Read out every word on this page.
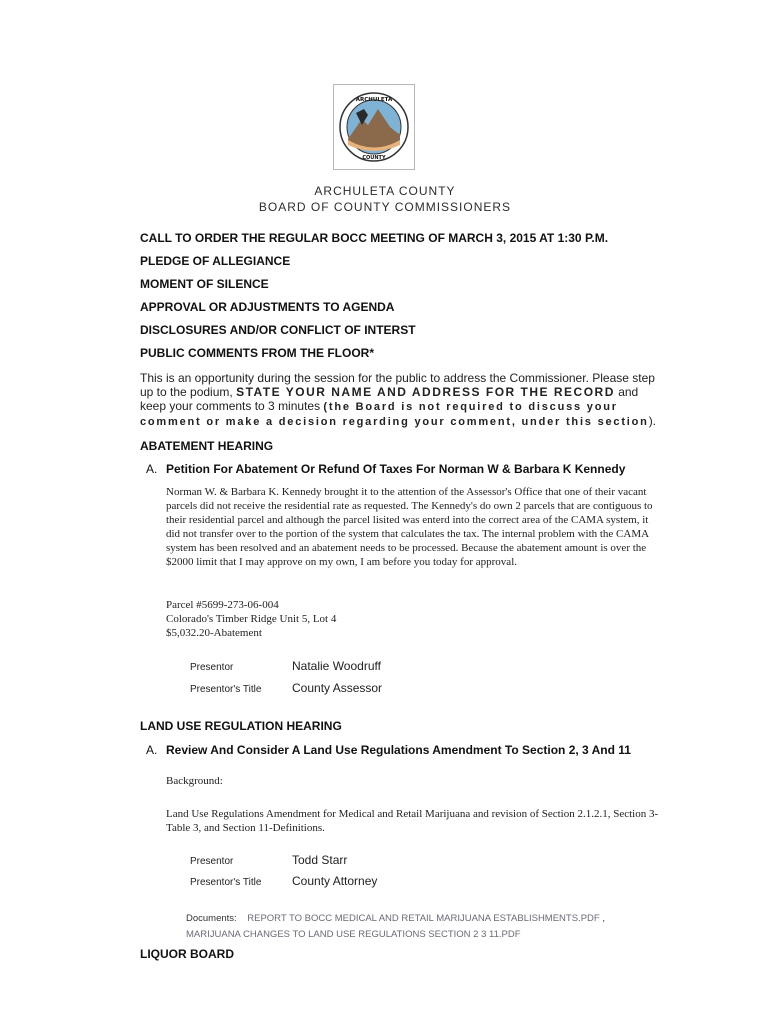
ARCHULETA
COUNTY
ARCHULETA COUNTY
BOARD OF COUNTY COMMISSIONERS
CALL TO ORDER THE REGULAR BOCC MEETING OF MARCH 3, 2015 AT 1:30 P.M.
PLEDGE OF ALLEGIANCE
MOMENT OF SILENCE
APPROVAL OR ADJUSTMENTS TO AGENDA
DISCLOSURES AND/OR CONFLICT OF INTERST
PUBLIC COMMENTS FROM THE FLOOR*
This is an opportunity during the session for the public to address the Commissioner. Please step up to the podium, STATE YOUR NAME AND ADDRESS FOR THE RECORD and keep your comments to 3 minutes (the Board is not required to discuss your comment or make a decision regarding your comment, under this section).
ABATEMENT HEARING
A. Petition For Abatement Or Refund Of Taxes For Norman W & Barbara K Kennedy
Norman W. & Barbara K. Kennedy brought it to the attention of the Assessor's Office that one of their vacant parcels did not receive the residential rate as requested. The Kennedy's do own 2 parcels that are contiguous to their residential parcel and although the parcel lisited was enterd into the correct area of the CAMA system, it did not transfer over to the portion of the system that calculates the tax. The internal problem with the CAMA system has been resolved and an abatement needs to be processed. Because the abatement amount is over the $2000 limit that I may approve on my own, I am before you today for approval.
Parcel #5699-273-06-004
Colorado's Timber Ridge Unit 5, Lot 4
$5,032.20-Abatement
Presentor	Natalie Woodruff
Presentor's Title	County Assessor
LAND USE REGULATION HEARING
A. Review And Consider A Land Use Regulations Amendment To Section 2, 3 And 11
Background:
Land Use Regulations Amendment for Medical and Retail Marijuana and revision of Section 2.1.2.1, Section 3-Table 3, and Section 11-Definitions.
Presentor	Todd Starr
Presentor's Title	County Attorney
Documents: REPORT TO BOCC MEDICAL AND RETAIL MARIJUANA ESTABLISHMENTS.PDF , MARIJUANA CHANGES TO LAND USE REGULATIONS SECTION 2 3 11.PDF
LIQUOR BOARD
